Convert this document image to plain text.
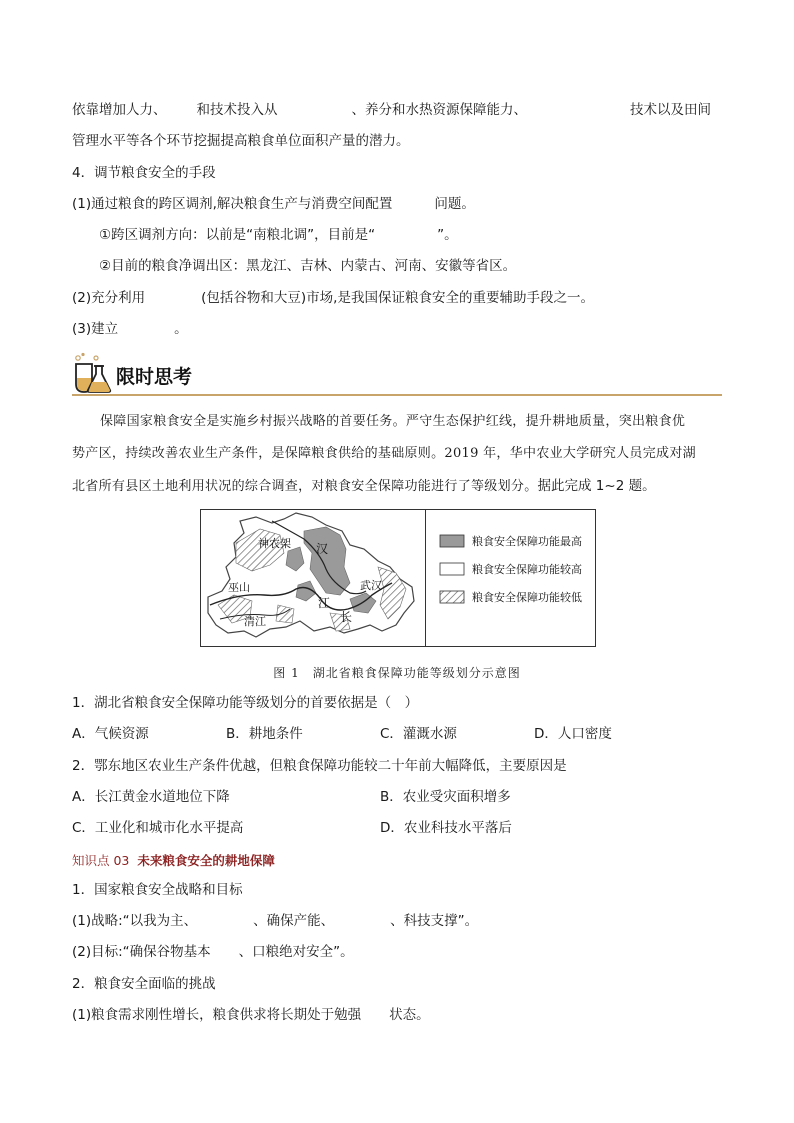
依靠增加人力、 和技术投入从	、养分和水热资源保障能力、	技术以及田间
管理水平等各个环节挖掘提高粮食单位面积产量的潜力。
4．调节粮食安全的手段
(1)通过粮食的跨区调剂,解决粮食生产与消费空间配置	问题。
①跨区调剂方向：以前是“南粮北调”，目前是“	”。
②目前的粮食净调出区：黑龙江、吉林、内蒙古、河南、安徽等省区。
(2)充分利用	(包括谷物和大豆)市场,是我国保证粮食安全的重要辅助手段之一。
(3)建立	。
限时思考
保障国家粮食安全是实施乡村振兴战略的首要任务。严守生态保护红线，提升耕地质量，突出粮食优
势产区，持续改善农业生产条件，是保障粮食供给的基础原则。2019 年，华中农业大学研究人员完成对湖
北省所有县区土地利用状况的综合调查，对粮食安全保障功能进行了等级划分。据此完成 1~2 题。
神农架 汉
武汉
江
长
巫山
清江
粮食安全保障功能最高
粮食安全保障功能较高
粮食安全保障功能较低
图 1　湖北省粮食保障功能等级划分示意图
1．湖北省粮食安全保障功能等级划分的首要依据是（　）
A．气候资源	B．耕地条件	C．灌溉水源	D．人口密度
2．鄂东地区农业生产条件优越，但粮食保障功能较二十年前大幅降低，主要原因是
A．长江黄金水道地位下降	B．农业受灾面积增多
C．工业化和城市化水平提高	D．农业科技水平落后
知识点 03 未来粮食安全的耕地保障
1．国家粮食安全战略和目标
(1)战略:“以我为主、	、确保产能、	、科技支撑”。
(2)目标:“确保谷物基本 、口粮绝对安全”。
2．粮食安全面临的挑战
(1)粮食需求刚性增长，粮食供求将长期处于勉强 状态。
